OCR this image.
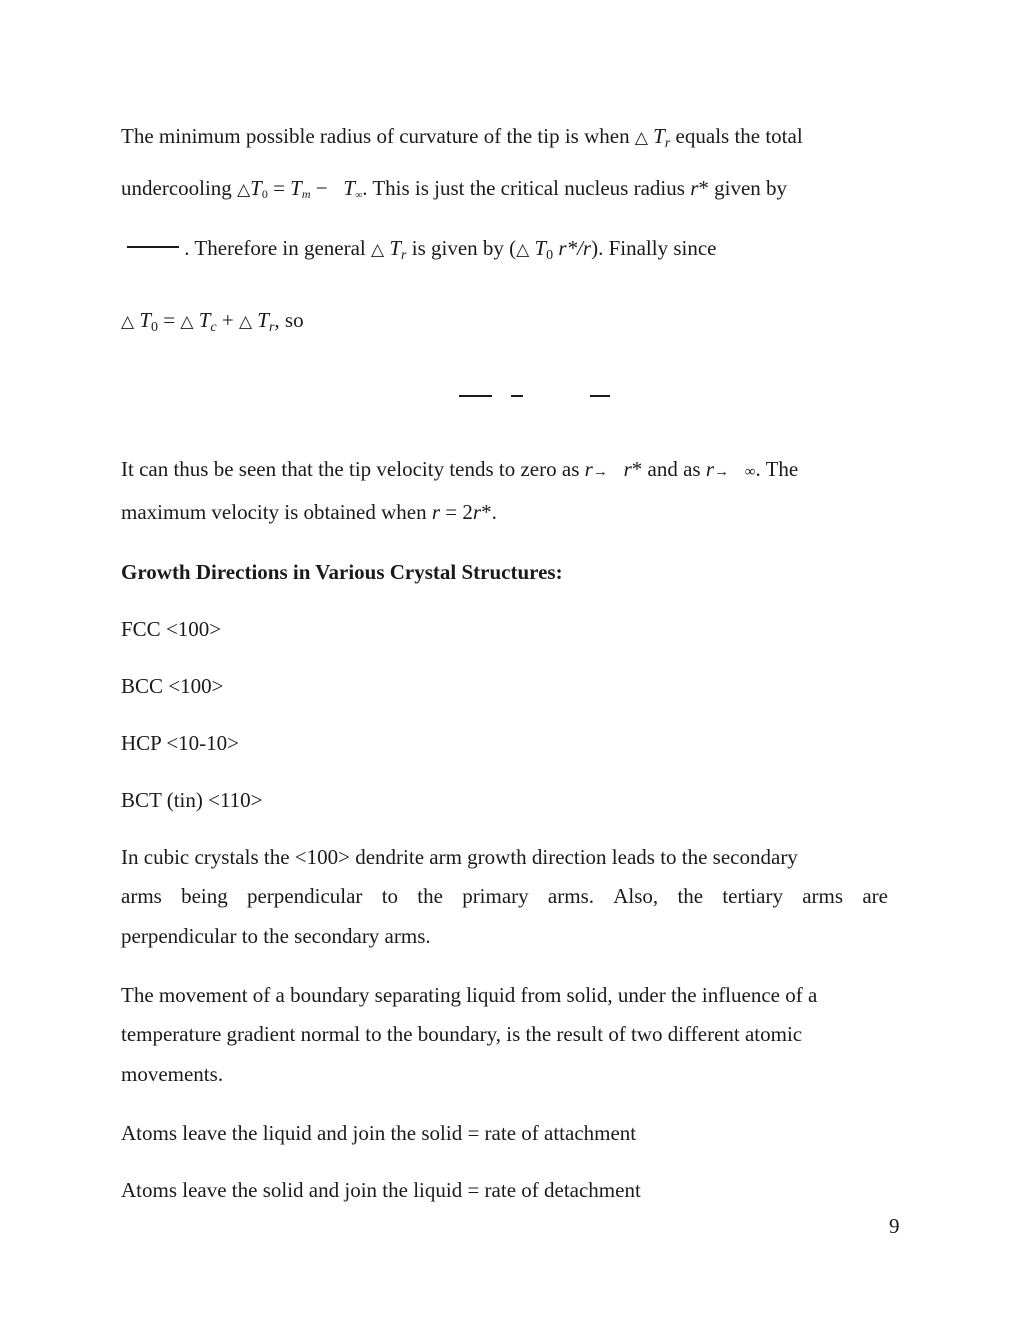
The minimum possible radius of curvature of the tip is when △ $T_r$ equals the total
undercooling △T0 = Tm −   T∞. This is just the critical nucleus radius r* given by
. Therefore in general △ $T_r$ is given by (△ $T_0$ r*/r). Finally since
△ $T_0$ = △ $T_c$ + △ $T_r$, so
It can thus be seen that the tip velocity tends to zero as r→ r* and as r→ ∞. The
maximum velocity is obtained when r = 2r*.
Growth Directions in Various Crystal Structures:
FCC <100>
BCC <100>
HCP <10-10>
BCT (tin) <110>
In cubic crystals the <100> dendrite arm growth direction leads to the secondary
arms being perpendicular to the primary arms. Also, the tertiary arms are
perpendicular to the secondary arms.
The movement of a boundary separating liquid from solid, under the influence of a
temperature gradient normal to the boundary, is the result of two different atomic
movements.
Atoms leave the liquid and join the solid = rate of attachment
Atoms leave the solid and join the liquid = rate of detachment
9
